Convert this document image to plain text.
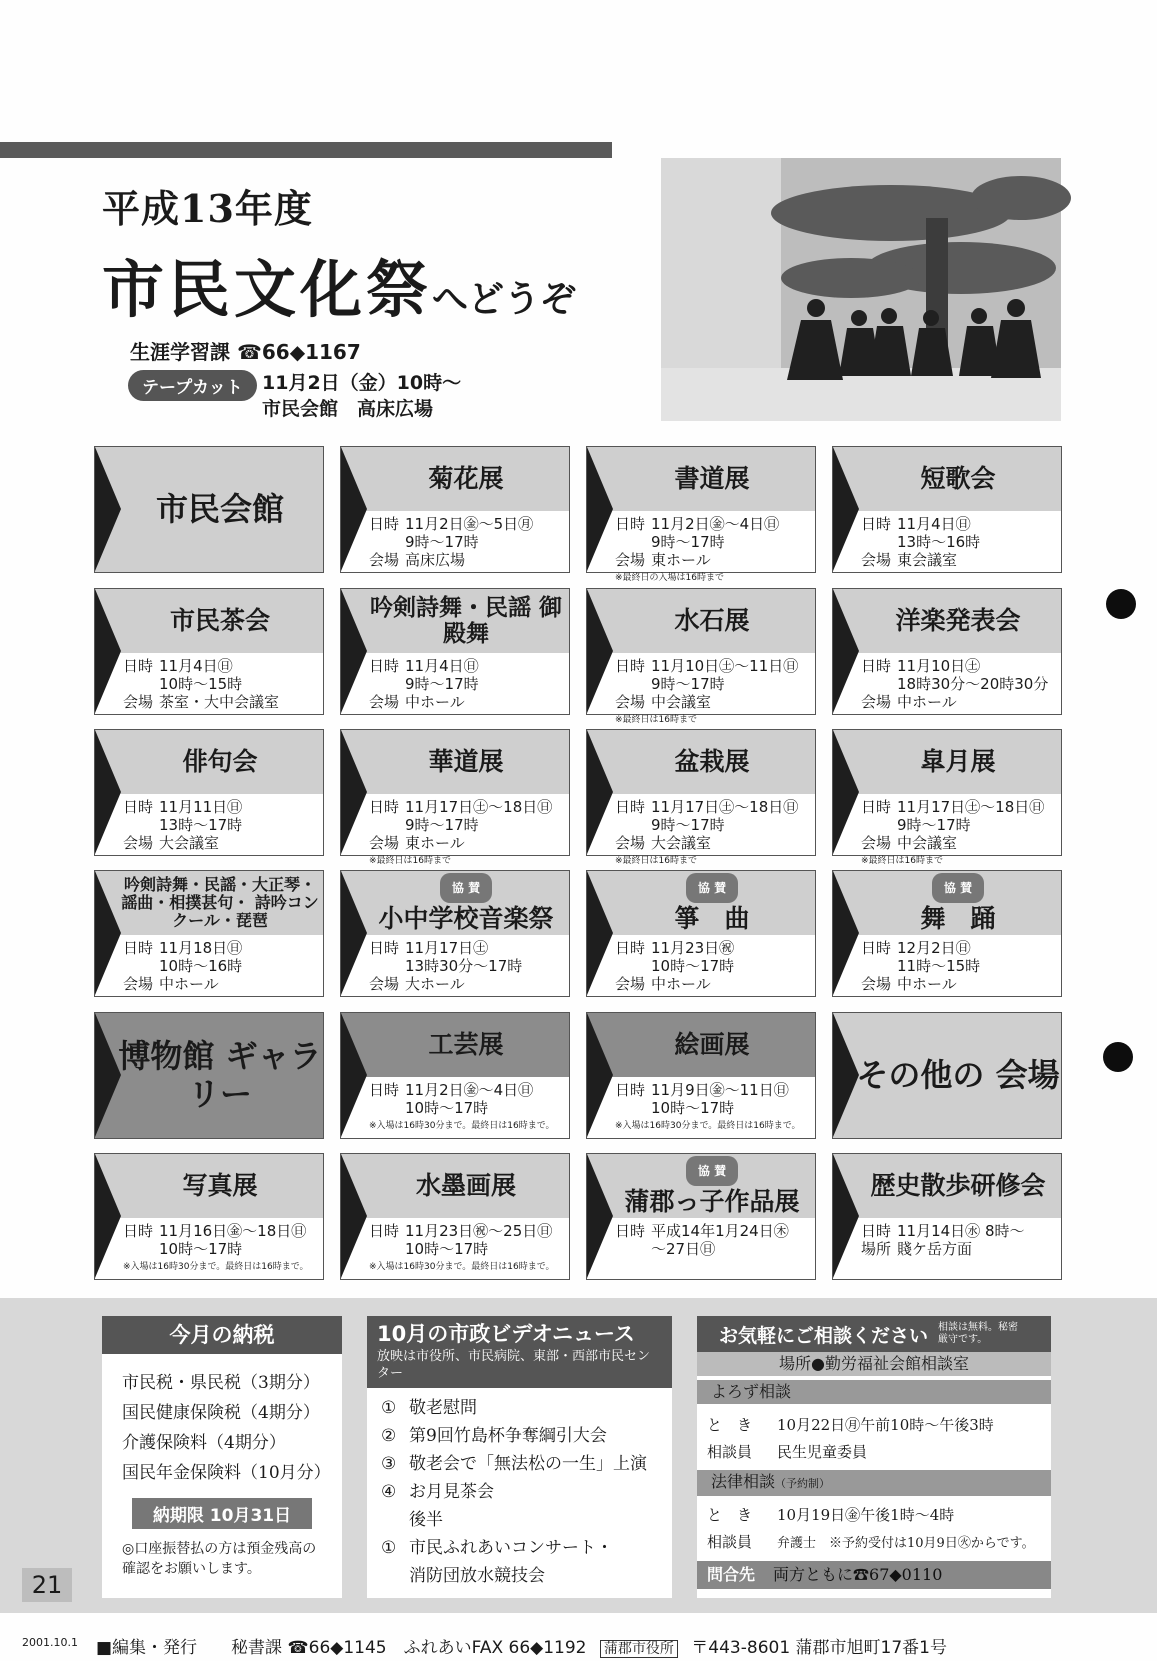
平成13年度
市民文化祭へどうぞ
生涯学習課 ☎66◆1167
テープカット	11月2日（金）10時～
市民会館　高床広場
市民会館
菊花展
日時 11月2日㊎～5日㊊
9時～17時
会場 高床広場
書道展
日時 11月2日㊎～4日㊐
9時～17時
会場 東ホール
※最終日の入場は16時まで
短歌会
日時 11月4日㊐
13時～16時
会場 東会議室
市民茶会
日時 11月4日㊐
10時～15時
会場 茶室・大中会議室
吟剣詩舞・民謡 御殿舞
日時 11月4日㊐
9時～17時
会場 中ホール
水石展
日時 11月10日㊏～11日㊐
9時～17時
会場 中会議室
※最終日は16時まで
洋楽発表会
日時 11月10日㊏
18時30分～20時30分
会場 中ホール
俳句会
日時 11月11日㊐
13時～17時
会場 大会議室
華道展
日時 11月17日㊏～18日㊐
9時～17時
会場 東ホール
※最終日は16時まで
盆栽展
日時 11月17日㊏～18日㊐
9時～17時
会場 大会議室
※最終日は16時まで
皐月展
日時 11月17日㊏～18日㊐
9時～17時
会場 中会議室
※最終日は16時まで
吟剣詩舞・民謡・大正琴・ 謡曲・相撲甚句・ 詩吟コンクール・琵琶
日時 11月18日㊐
10時～16時
会場 中ホール
協 賛
小中学校音楽祭
日時 11月17日㊏
13時30分～17時
会場 大ホール
協 賛
箏　曲
日時 11月23日㊗
10時～17時
会場 中ホール
協 賛
舞　踊
日時 12月2日㊐
11時～15時
会場 中ホール
博物館 ギャラリー
工芸展
日時 11月2日㊎～4日㊐
10時～17時
※入場は16時30分まで。最終日は16時まで。
絵画展
日時 11月9日㊎～11日㊐
10時～17時
※入場は16時30分まで。最終日は16時まで。
その他の 会場
写真展
日時 11月16日㊎～18日㊐
10時～17時
※入場は16時30分まで。最終日は16時まで。
水墨画展
日時 11月23日㊗～25日㊐
10時～17時
※入場は16時30分まで。最終日は16時まで。
協 賛
蒲郡っ子作品展
日時 平成14年1月24日㊍
～27日㊐
歴史散歩研修会
日時 11月14日㊌ 8時～
場所 賤ケ岳方面
今月の納税
市民税・県民税（3期分）
国民健康保険税（4期分）
介護保険料（4期分）
国民年金保険料（10月分）
納期限 10月31日
◎口座振替払の方は預金残高の確認をお願いします。
10月の市政ビデオニュース
放映は市役所、市民病院、東部・西部市民センター
① 敬老慰問
② 第9回竹島杯争奪綱引大会
③ 敬老会で「無法松の一生」上演
④ お月見茶会
後半
① 市民ふれあいコンサート・
消防団放水競技会
お気軽にご相談ください 相談は無料。秘密厳守です。
場所●勤労福祉会館相談室
よろず相談
と　き 10月22日㊊午前10時～午後3時
相談員 民生児童委員
法律相談（予約制）
と　き 10月19日㊎午後1時～4時
相談員 弁護士　※予約受付は10月9日㊋からです。
問合先	両方ともに☎67◆0110
21
2001.10.1 ■編集・発行　　秘書課 ☎66◆1145　ふれあいFAX 66◆1192 蒲郡市役所 〒443-8601 蒲郡市旭町17番1号
